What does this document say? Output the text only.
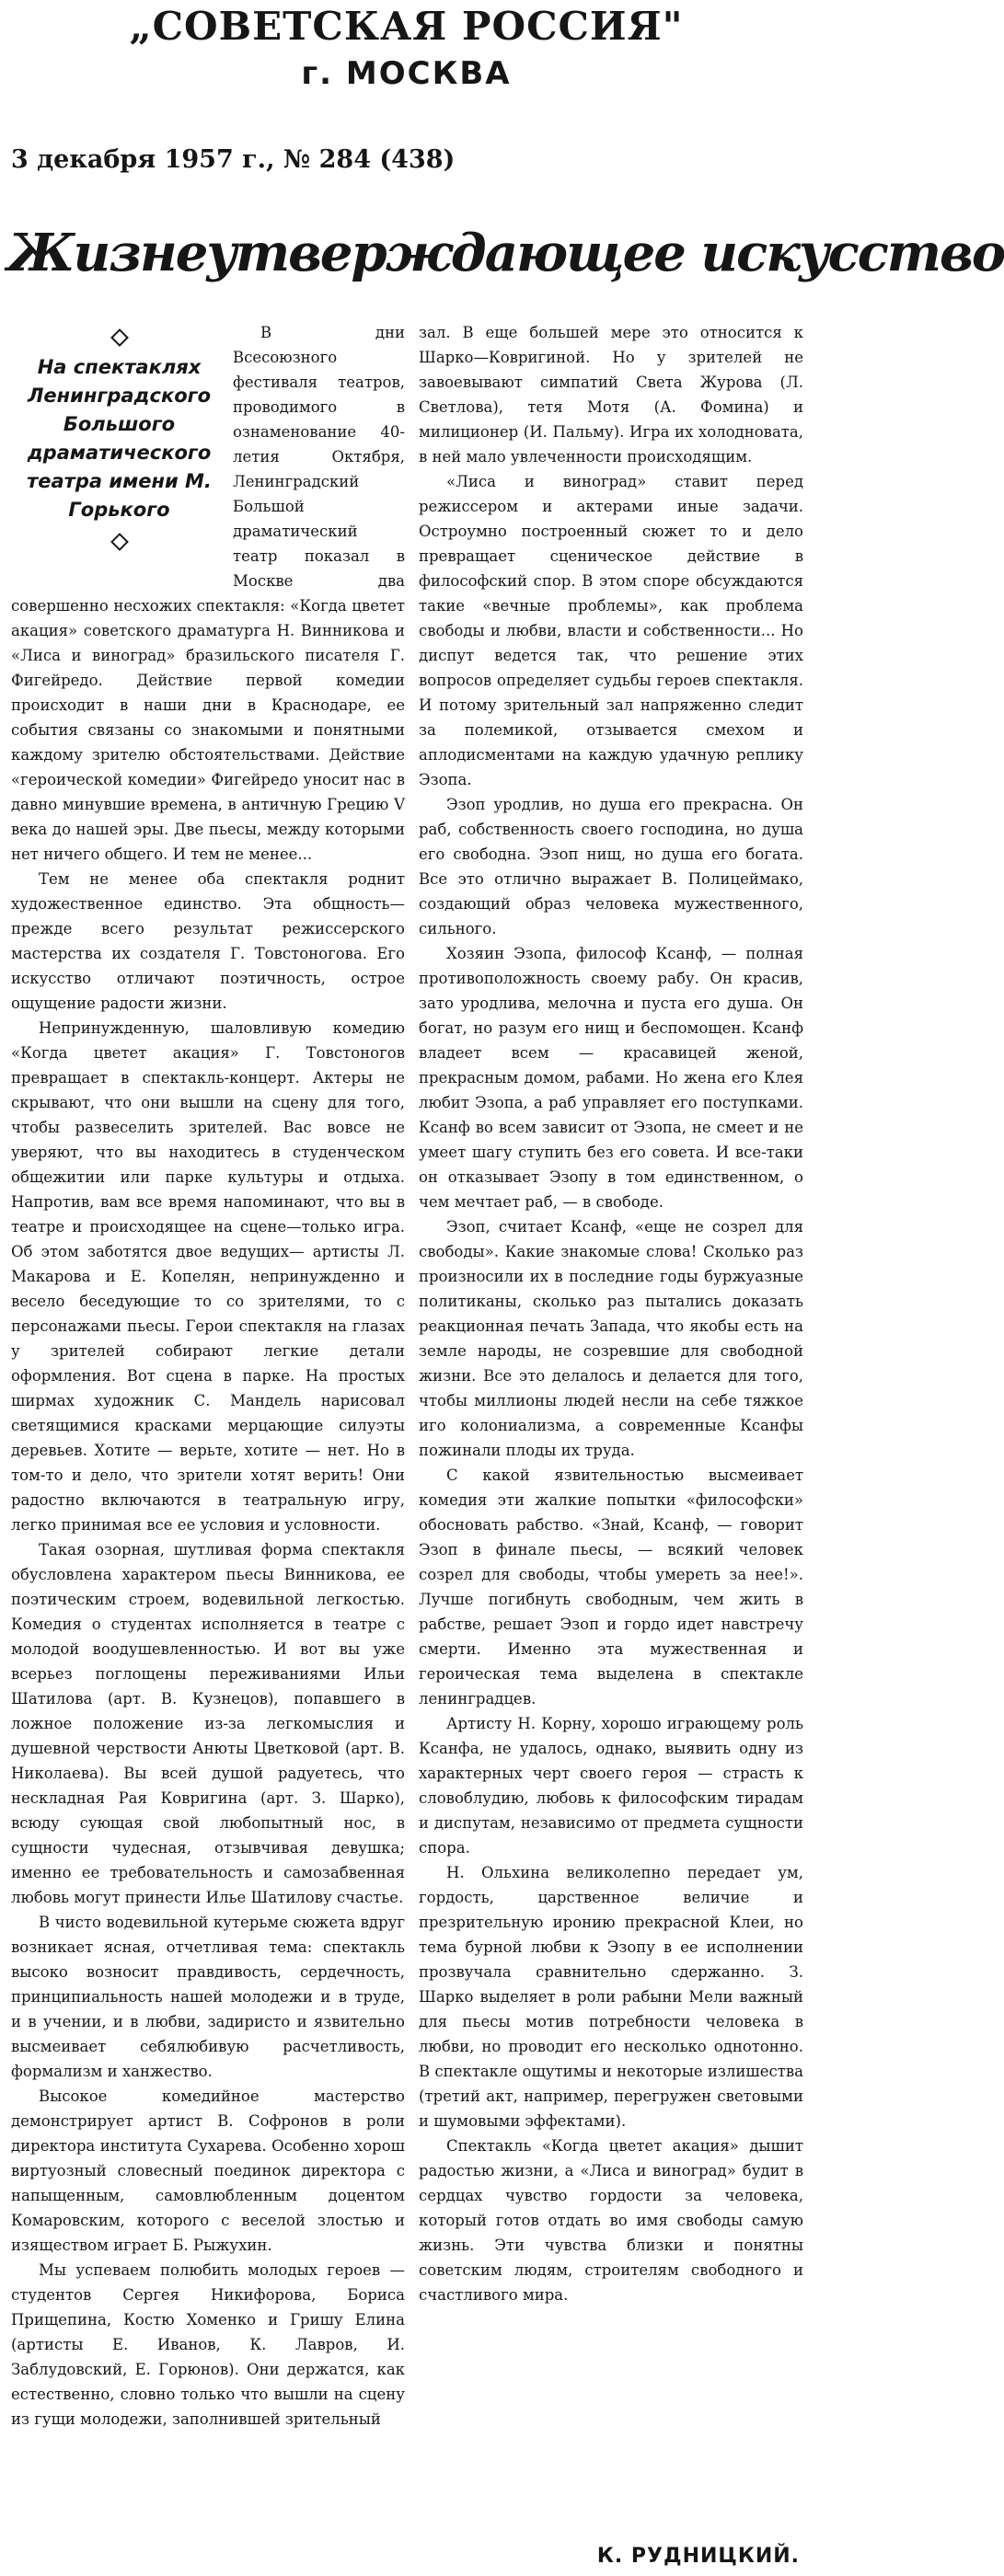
„СОВЕТСКАЯ РОССИЯ"
г. МОСКВА
3 декабря 1957 г., № 284 (438)
Жизнеутверждающее искусство
На спектаклях Ленинградского Большого драматического театра имени М. Горького

В дни Всесоюзного фестиваля театров, проводимого в ознаменование 40-летия Октября, Ленинградский Большой драматический театр показал в Москве два совершенно несхожих спектакля: «Когда цветет акация» советского драматурга Н. Винникова и «Лиса и виноград» бразильского писателя Г. Фигейредо. Действие первой комедии происходит в наши дни в Краснодаре, ее события связаны со знакомыми и понятными каждому зрителю обстоятельствами. Действие «героической комедии» Фигейредо уносит нас в давно минувшие времена, в античную Грецию V века до нашей эры. Две пьесы, между которыми нет ничего общего. И тем не менее...

Тем не менее оба спектакля роднит художественное единство. Эта общность—прежде всего результат режиссерского мастерства их создателя Г. Товстоногова. Его искусство отличают поэтичность, острое ощущение радости жизни.

Непринужденную, шаловливую комедию «Когда цветет акация» Г. Товстоногов превращает в спектакль-концерт. Актеры не скрывают, что они вышли на сцену для того, чтобы развеселить зрителей. Вас вовсе не уверяют, что вы находитесь в студенческом общежитии или парке культуры и отдыха. Напротив, вам все время напоминают, что вы в театре и происходящее на сцене—только игра. Об этом заботятся двое ведущих— артисты Л. Макарова и Е. Копелян, непринужденно и весело беседующие то со зрителями, то с персонажами пьесы. Герои спектакля на глазах у зрителей собирают легкие детали оформления. Вот сцена в парке. На простых ширмах художник С. Мандель нарисовал светящимися красками мерцающие силуэты деревьев. Хотите — верьте, хотите — нет. Но в том-то и дело, что зрители хотят верить! Они радостно включаются в театральную игру, легко принимая все ее условия и условности.

Такая озорная, шутливая форма спектакля обусловлена характером пьесы Винникова, ее поэтическим строем, водевильной легкостью. Комедия о студентах исполняется в театре с молодой воодушевленностью. И вот вы уже всерьез поглощены переживаниями Ильи Шатилова (арт. В. Кузнецов), попавшего в ложное положение из-за легкомыслия и душевной черствости Анюты Цветковой (арт. В. Николаева). Вы всей душой радуетесь, что нескладная Рая Ковригина (арт. З. Шарко), всюду сующая свой любопытный нос, в сущности чудесная, отзывчивая девушка; именно ее требовательность и самозабвенная любовь могут принести Илье Шатилову счастье.

В чисто водевильной кутерьме сюжета вдруг возникает ясная, отчетливая тема: спектакль высоко возносит правдивость, сердечность, принципиальность нашей молодежи и в труде, и в учении, и в любви, задиристо и язвительно высмеивает себялюбивую расчетливость, формализм и ханжество.

Высокое комедийное мастерство демонстрирует артист В. Софронов в роли директора института Сухарева. Особенно хорош виртуозный словесный поединок директора с напыщенным, самовлюбленным доцентом Комаровским, которого с веселой злостью и изяществом играет Б. Рыжухин.

Мы успеваем полюбить молодых героев — студентов Сергея Никифорова, Бориса Прищепина, Костю Хоменко и Гришу Елина (артисты Е. Иванов, К. Лавров, И. Заблудовский, Е. Горюнов). Они держатся, как естественно, словно только что вышли на сцену из гущи молодежи, заполнившей зрительный

зал. В еще большей мере это относится к Шарко—Ковригиной. Но у зрителей не завоевывают симпатий Света Журова (Л. Светлова), тетя Мотя (А. Фомина) и милиционер (И. Пальму). Игра их холодновата, в ней мало увлеченности происходящим.

«Лиса и виноград» ставит перед режиссером и актерами иные задачи. Остроумно построенный сюжет то и дело превращает сценическое действие в философский спор. В этом споре обсуждаются такие «вечные проблемы», как проблема свободы и любви, власти и собственности... Но диспут ведется так, что решение этих вопросов определяет судьбы героев спектакля. И потому зрительный зал напряженно следит за полемикой, отзывается смехом и аплодисментами на каждую удачную реплику Эзопа.

Эзоп уродлив, но душа его прекрасна. Он раб, собственность своего господина, но душа его свободна. Эзоп нищ, но душа его богата. Все это отлично выражает В. Полицеймако, создающий образ человека мужественного, сильного.

Хозяин Эзопа, философ Ксанф, — полная противоположность своему рабу. Он красив, зато уродлива, мелочна и пуста его душа. Он богат, но разум его нищ и беспомощен. Ксанф владеет всем — красавицей женой, прекрасным домом, рабами. Но жена его Клея любит Эзопа, а раб управляет его поступками. Ксанф во всем зависит от Эзопа, не смеет и не умеет шагу ступить без его совета. И все-таки он отказывает Эзопу в том единственном, о чем мечтает раб, — в свободе.

Эзоп, считает Ксанф, «еще не созрел для свободы». Какие знакомые слова! Сколько раз произносили их в последние годы буржуазные политиканы, сколько раз пытались доказать реакционная печать Запада, что якобы есть на земле народы, не созревшие для свободной жизни. Все это делалось и делается для того, чтобы миллионы людей несли на себе тяжкое иго колониализма, а современные Ксанфы пожинали плоды их труда.

С какой язвительностью высмеивает комедия эти жалкие попытки «философски» обосновать рабство. «Знай, Ксанф, — говорит Эзоп в финале пьесы, — всякий человек созрел для свободы, чтобы умереть за нее!». Лучше погибнуть свободным, чем жить в рабстве, решает Эзоп и гордо идет навстречу смерти. Именно эта мужественная и героическая тема выделена в спектакле ленинградцев.

Артисту Н. Корну, хорошо играющему роль Ксанфа, не удалось, однако, выявить одну из характерных черт своего героя — страсть к словоблудию, любовь к философским тирадам и диспутам, независимо от предмета сущности спора.

Н. Ольхина великолепно передает ум, гордость, царственное величие и презрительную иронию прекрасной Клеи, но тема бурной любви к Эзопу в ее исполнении прозвучала сравнительно сдержанно. З. Шарко выделяет в роли рабыни Мели важный для пьесы мотив потребности человека в любви, но проводит его несколько однотонно. В спектакле ощутимы и некоторые излишества (третий акт, например, перегружен световыми и шумовыми эффектами).

Спектакль «Когда цветет акация» дышит радостью жизни, а «Лиса и виноград» будит в сердцах чувство гордости за человека, который готов отдать во имя свободы самую жизнь. Эти чувства близки и понятны советским людям, строителям свободного и счастливого мира.

К. РУДНИЦКИЙ.
